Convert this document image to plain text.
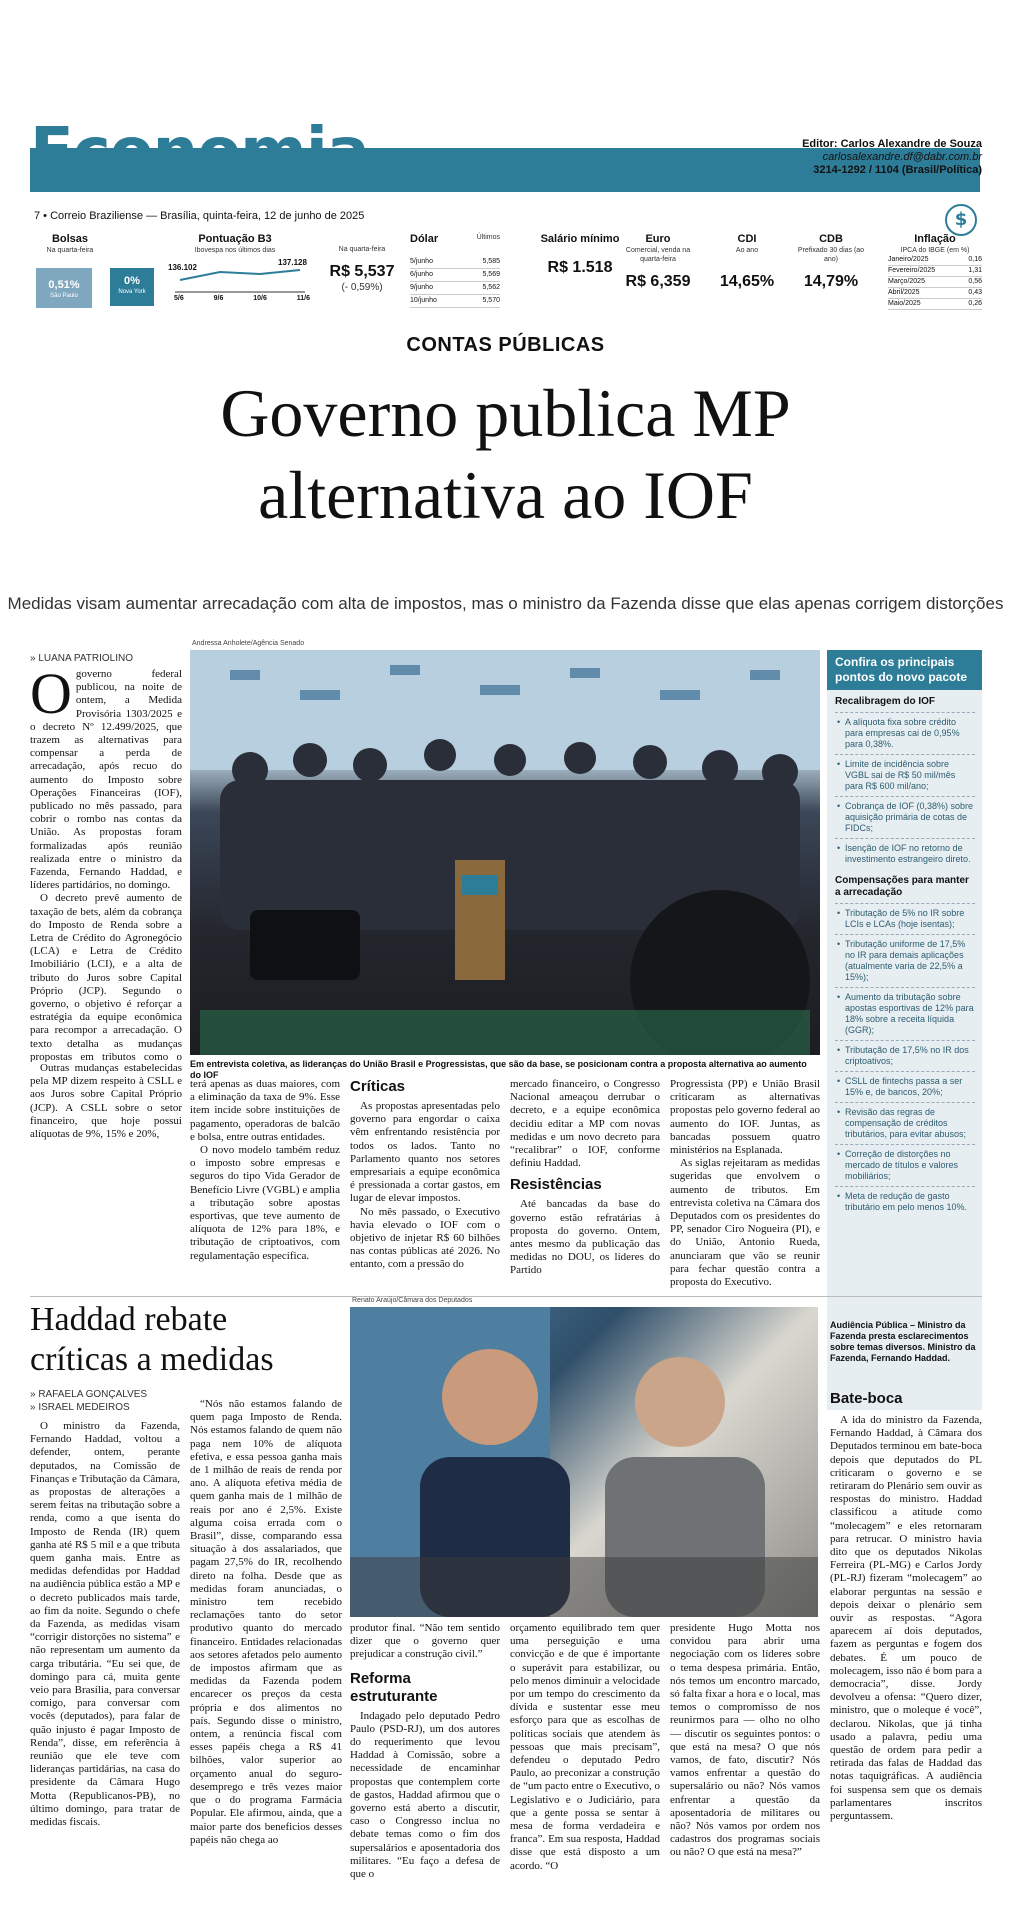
Economia	Editor: Carlos Alexandre de Souza
carlosalexandre.df@dabr.com.br
3214-1292 / 1104 (Brasil/Política)
$
7 • Correio Braziliense — Brasília, quinta-feira, 12 de junho de 2025
Bolsas
Na quarta-feira
0,51%
São Paulo
0%
Nova York
Pontuação B3
Ibovespa nos últimos dias
136.102
137.128
5/6	9/6	10/6	11/6
Na quarta-feira
R$ 5,537
(- 0,59%)
Dólar	Últimos
5/junho	5,585
6/junho	5,569
9/junho	5,562
10/junho	5,570
Salário mínimo
R$ 1.518
Euro
Comercial, venda na quarta-feira
R$ 6,359
CDI
Ao ano
14,65%
CDB
Prefixado 30 dias (ao ano)
14,79%
Inflação
IPCA do IBGE (em %)
Janeiro/2025	0,16
Fevereiro/2025	1,31
Março/2025	0,56
Abril/2025	0,43
Maio/2025	0,26
CONTAS PÚBLICAS
Governo publica MP
alternativa ao IOF
Medidas visam aumentar arrecadação com alta de impostos, mas o ministro da Fazenda disse que elas apenas corrigem distorções
» LUANA PATRIOLINO

Ogoverno federal publicou, na noite de ontem, a Medida Provisória 1303/2025 e o decreto Nº 12.499/2025, que trazem as alternativas para compensar a perda de arrecadação, após recuo do aumento do Imposto sobre Operações Financeiras (IOF), publicado no mês passado, para cobrir o rombo nas contas da União. As propostas foram formalizadas após reunião realizada entre o ministro da Fazenda, Fernando Haddad, e líderes partidários, no domingo.

O decreto prevê aumento de taxação de bets, além da cobrança do Imposto de Renda sobre a Letra de Crédito do Agronegócio (LCA) e Letra de Crédito Imobiliário (LCI), e a alta de tributo do Juros sobre Capital Próprio (JCP). Segundo o governo, o objetivo é reforçar a estratégia da equipe econômica para recompor a arrecadação. O texto detalha as mudanças propostas em tributos como o

Outras mudanças estabelecidas pela MP dizem respeito à CSLL e aos Juros sobre Capital Próprio (JCP). A CSLL sobre o setor financeiro, que hoje possui alíquotas de 9%, 15% e 20%,

Andressa Anholete/Agência Senado
Em entrevista coletiva, as lideranças do União Brasil e Progressistas, que são da base, se posicionam contra a proposta alternativa ao aumento do IOF

terá apenas as duas maiores, com a eliminação da taxa de 9%. Esse item incide sobre instituições de pagamento, operadoras de balcão e bolsa, entre outras entidades.

O novo modelo também reduz o imposto sobre empresas e seguros do tipo Vida Gerador de Benefício Livre (VGBL) e amplia a tributação sobre apostas esportivas, que teve aumento de alíquota de 12% para 18%, e tributação de criptoativos, com regulamentação específica.

Críticas

As propostas apresentadas pelo governo para engordar o caixa vêm enfrentando resistência por todos os lados. Tanto no Parlamento quanto nos setores empresariais a equipe econômica é pressionada a cortar gastos, em lugar de elevar impostos.

No mês passado, o Executivo havia elevado o IOF com o objetivo de injetar R$ 60 bilhões nas contas públicas até 2026. No entanto, com a pressão do

mercado financeiro, o Congresso Nacional ameaçou derrubar o decreto, e a equipe econômica decidiu editar a MP com novas medidas e um novo decreto para “recalibrar” o IOF, conforme definiu Haddad.

Resistências

Até bancadas da base do governo estão refratárias à proposta do governo. Ontem, antes mesmo da publicação das medidas no DOU, os líderes do Partido

Progressista (PP) e União Brasil criticaram as alternativas propostas pelo governo federal ao aumento do IOF. Juntas, as bancadas possuem quatro ministérios na Esplanada.

As siglas rejeitaram as medidas sugeridas que envolvem o aumento de tributos. Em entrevista coletiva na Câmara dos Deputados com os presidentes do PP, senador Ciro Nogueira (PI), e do União, Antonio Rueda, anunciaram que vão se reunir para fechar questão contra a proposta do Executivo.

Confira os principais pontos do novo pacote
Recalibragem do IOF
• A alíquota fixa sobre crédito para empresas cai de 0,95% para 0,38%.
• Limite de incidência sobre VGBL sai de R$ 50 mil/mês para R$ 600 mil/ano;
• Cobrança de IOF (0,38%) sobre aquisição primária de cotas de FIDCs;
• Isenção de IOF no retorno de investimento estrangeiro direto.
Compensações para manter a arrecadação
• Tributação de 5% no IR sobre LCIs e LCAs (hoje isentas);
• Tributação uniforme de 17,5% no IR para demais aplicações (atualmente varia de 22,5% a 15%);
• Aumento da tributação sobre apostas esportivas de 12% para 18% sobre a receita líquida (GGR);
• Tributação de 17,5% no IR dos criptoativos;
• CSLL de fintechs passa a ser 15% e, de bancos, 20%;
• Revisão das regras de compensação de créditos tributários, para evitar abusos;
• Correção de distorções no mercado de títulos e valores mobiliários;
• Meta de redução de gasto tributário em pelo menos 10%.
Haddad rebate
críticas a medidas
» RAFAELA GONÇALVES
» ISRAEL MEDEIROS

O ministro da Fazenda, Fernando Haddad, voltou a defender, ontem, perante deputados, na Comissão de Finanças e Tributação da Câmara, as propostas de alterações a serem feitas na tributação sobre a renda, como a que isenta do Imposto de Renda (IR) quem ganha até R$ 5 mil e a que tributa quem ganha mais. Entre as medidas defendidas por Haddad na audiência pública estão a MP e o decreto publicados mais tarde, ao fim da noite. Segundo o chefe da Fazenda, as medidas visam “corrigir distorções no sistema” e não representam um aumento da carga tributária. “Eu sei que, de domingo para cá, muita gente veio para Brasília, para conversar comigo, para conversar com vocês (deputados), para falar de quão injusto é pagar Imposto de Renda”, disse, em referência à reunião que ele teve com lideranças partidárias, na casa do presidente da Câmara Hugo Motta (Republicanos-PB), no último domingo, para tratar de medidas fiscais.

“Nós não estamos falando de quem paga Imposto de Renda. Nós estamos falando de quem não paga nem 10% de alíquota efetiva, e essa pessoa ganha mais de 1 milhão de reais de renda por ano. A alíquota efetiva média de quem ganha mais de 1 milhão de reais por ano é 2,5%. Existe alguma coisa errada com o Brasil”, disse, comparando essa situação à dos assalariados, que pagam 27,5% do IR, recolhendo direto na folha. Desde que as medidas foram anunciadas, o ministro tem recebido reclamações tanto do setor produtivo quanto do mercado financeiro. Entidades relacionadas aos setores afetados pelo aumento de impostos afirmam que as medidas da Fazenda podem encarecer os preços da cesta própria e dos alimentos no país. Segundo disse o ministro, ontem, a renúncia fiscal com esses papéis chega a R$ 41 bilhões, valor superior ao orçamento anual do seguro-desemprego e três vezes maior que o do programa Farmácia Popular. Ele afirmou, ainda, que a maior parte dos beneficios desses papéis não chega ao

Renato Araújo/Câmara dos Deputados

produtor final. “Não tem sentido dizer que o governo quer prejudicar a construção civil.”

Reforma estruturante

Indagado pelo deputado Pedro Paulo (PSD-RJ), um dos autores do requerimento que levou Haddad à Comissão, sobre a necessidade de encaminhar propostas que contemplem corte de gastos, Haddad afirmou que o governo está aberto a discutir, caso o Congresso inclua no debate temas como o fim dos supersalários e aposentadoria dos militares. “Eu faço a defesa de que o

orçamento equilibrado tem quer uma perseguição e uma convicção e de que é importante o superávit para estabilizar, ou pelo menos diminuir a velocidade por um tempo do crescimento da dívida e sustentar esse meu esforço para que as escolhas de políticas sociais que atendem às pessoas que mais precisam”, defendeu o deputado Pedro Paulo, ao preconizar a construção de “um pacto entre o Executivo, o Legislativo e o Judiciário, para que a gente possa se sentar à mesa de forma verdadeira e franca”. Em sua resposta, Haddad disse que está disposto a um acordo. “O

presidente Hugo Motta nos convidou para abrir uma negociação com os líderes sobre o tema despesa primária. Então, nós temos um encontro marcado, só falta fixar a hora e o local, mas temos o compromisso de nos reunirmos para — olho no olho — discutir os seguintes pontos: o que está na mesa? O que nós vamos, de fato, discutir? Nós vamos enfrentar a questão do supersalário ou não? Nós vamos enfrentar a questão da aposentadoria de militares ou não? Nós vamos por ordem nos cadastros dos programas sociais ou não? O que está na mesa?”

Audiência Pública – Ministro da Fazenda presta esclarecimentos sobre temas diversos. Ministro da Fazenda, Fernando Haddad.
Bate-boca

A ida do ministro da Fazenda, Fernando Haddad, à Câmara dos Deputados terminou em bate-boca depois que deputados do PL criticaram o governo e se retiraram do Plenário sem ouvir as respostas do ministro. Haddad classificou a atitude como “molecagem” e eles retornaram para retrucar. O ministro havia dito que os deputados Nikolas Ferreira (PL-MG) e Carlos Jordy (PL-RJ) fizeram “molecagem” ao elaborar perguntas na sessão e depois deixar o plenário sem ouvir as respostas. “Agora aparecem aí dois deputados, fazem as perguntas e fogem dos debates. É um pouco de molecagem, isso não é bom para a democracia”, disse. Jordy devolveu a ofensa: “Quero dizer, ministro, que o moleque é você”, declarou. Nikolas, que já tinha usado a palavra, pediu uma questão de ordem para pedir a retirada das falas de Haddad das notas taquigráficas. A audiência foi suspensa sem que os demais parlamentares inscritos perguntassem.
